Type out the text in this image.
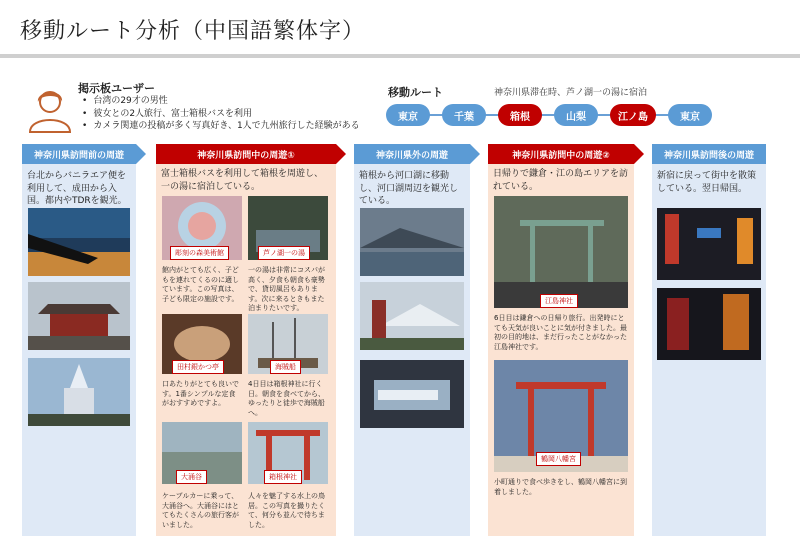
移動ルート分析（中国語繁体字）
掲示板ユーザー
• 台湾の29才の男性
• 彼女との2人旅行、富士箱根バスを利用
• カメラ関連の投稿が多く写真好き、1人で九州旅行した経験がある
移動ルート	神奈川県滞在時、芦ノ湖一の湯に宿泊
東京	千葉	箱根	山梨	江ノ島	東京
神奈川県訪問前の周遊
台北からバニラエア便を利用して、成田から入国。都内やTDRを観光。
神奈川県訪問中の周遊①
富士箱根バスを利用して箱根を周遊し、一の湯に宿泊している。
彫刻の森美術館	芦ノ湖一の湯
館内がとても広く、子どもを連れてくるのに適しています。この写真は、子ども限定の施設です。
一の湯は非常にコスパが高く、夕食も朝食も豪勢で、貸切風呂もあります。次に来るときもまた泊まりたいです。
田村銀かつ亭	海賊船
口あたりがとても良いです。1番シンプルな定食がおすすめですよ。
4日目は箱根神社に行く日。朝食を食べてから、ゆったりと徒歩で海賊船へ。
大涌谷	箱根神社
ケーブルカーに乗って、大涌谷へ。大涌谷にはとてもたくさんの旅行客がいました。
人々を魅了する水上の鳥居。この写真を撮りたくて、何分も並んで待ちました。
神奈川県外の周遊
箱根から河口湖に移動し、河口湖周辺を観光している。
神奈川県訪問中の周遊②
日帰りで鎌倉・江の島エリアを訪れている。
江島神社
6日目は鎌倉への日帰り旅行。出発時にとても天気が良いことに気が付きました。最初の目的地は、まだ行ったことがなかった江島神社です。
鶴岡八幡宮
小町通りで食べ歩きをし、鶴岡八幡宮に到着しました。
神奈川県訪問後の周遊
新宿に戻って街中を散策している。翌日帰国。
